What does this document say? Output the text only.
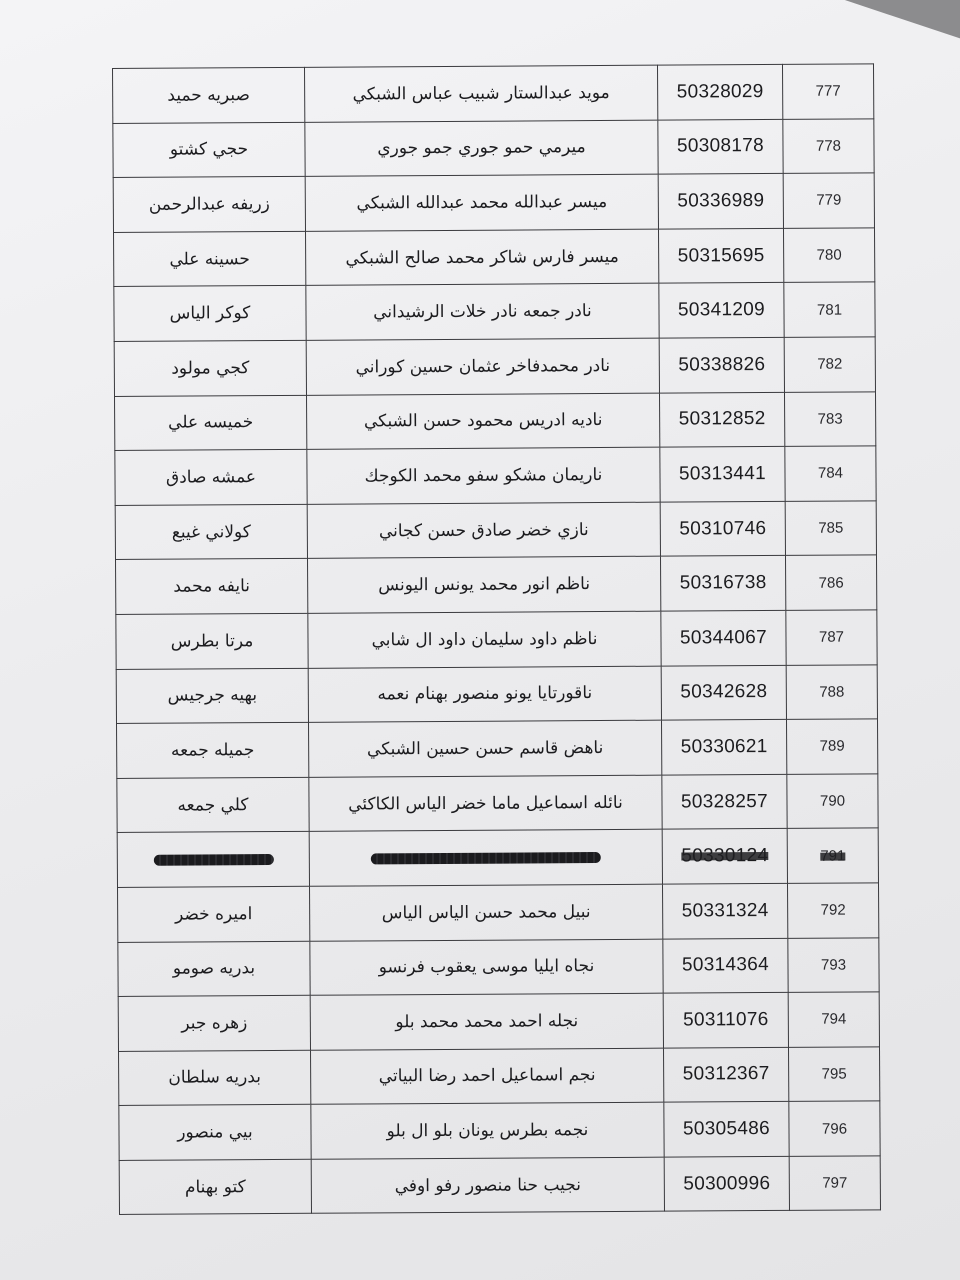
777	50328029	مويد عبدالستار شبيب عباس الشبكي	صبريه حميد
778	50308178	ميرمي حمو جوري جمو جوري	حجي كشتو
779	50336989	ميسر عبدالله محمد عبدالله الشبكي	زريفه عبدالرحمن
780	50315695	ميسر فارس شاكر محمد صالح الشبكي	حسينه علي
781	50341209	نادر جمعه نادر خلات الرشيداني	كوكر الياس
782	50338826	نادر محمدفاخر عثمان حسين كوراني	كجي مولود
783	50312852	ناديه ادريس محمود حسن الشبكي	خميسه علي
784	50313441	ناريمان مشكو سفو محمد الكوجك	عمشه صادق
785	50310746	نازي خضر صادق حسن كجاني	كولاني غيبع
786	50316738	ناظم انور محمد يونس اليونس	نايفه محمد
787	50344067	ناظم داود سليمان داود ال شابي	مرتا بطرس
788	50342628	ناقورتايا يونو منصور بهنام نعمه	بهيه جرجيس
789	50330621	ناهض قاسم حسن حسين الشبكي	جميله جمعه
790	50328257	نائله اسماعيل ماما خضر الياس الكاكئي	كلي جمعه
791	50330124		
792	50331324	نبيل محمد حسن الياس الياس	اميره خضر
793	50314364	نجاه ايليا موسى يعقوب فرنسو	بدريه صومو
794	50311076	نجله احمد محمد محمد بلو	زهره جبر
795	50312367	نجم اسماعيل احمد رضا البياتي	بدريه سلطان
796	50305486	نجمه بطرس يونان بلو ال بلو	بيي منصور
797	50300996	نجيب حنا منصور رفو اوفي	كتو بهنام
